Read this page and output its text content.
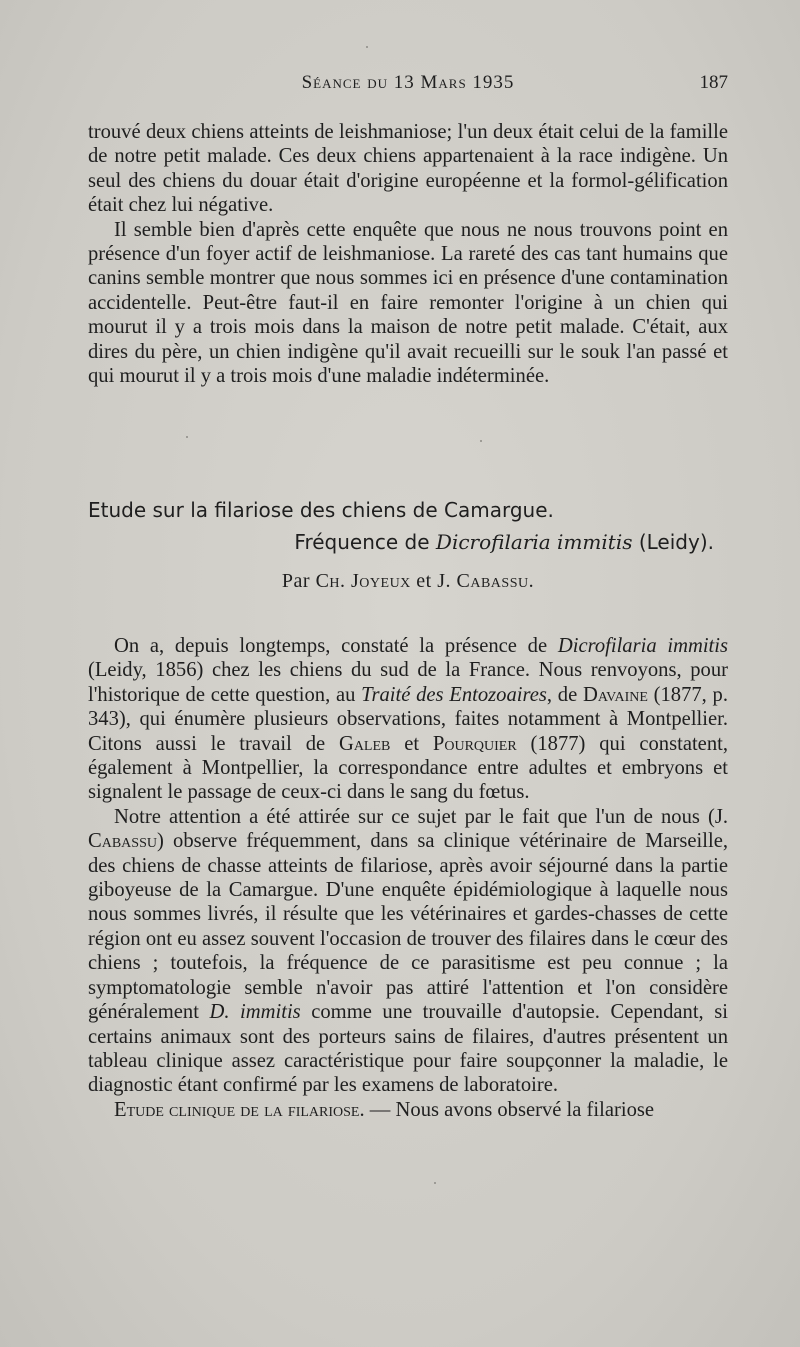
Séance du 13 Mars 1935	187

trouvé deux chiens atteints de leishmaniose; l'un deux était celui de la famille de notre petit malade. Ces deux chiens appartenaient à la race indigène. Un seul des chiens du douar était d'origine européenne et la formol-gélification était chez lui négative.

Il semble bien d'après cette enquête que nous ne nous trouvons point en présence d'un foyer actif de leishmaniose. La rareté des cas tant humains que canins semble montrer que nous sommes ici en présence d'une contamination accidentelle. Peut-être faut-il en faire remonter l'origine à un chien qui mourut il y a trois mois dans la maison de notre petit malade. C'était, aux dires du père, un chien indigène qu'il avait recueilli sur le souk l'an passé et qui mourut il y a trois mois d'une maladie indéterminée.

Etude sur la filariose des chiens de Camargue.
Fréquence de Dicrofilaria immitis (Leidy).
Par Ch. Joyeux et J. Cabassu.

On a, depuis longtemps, constaté la présence de Dicrofilaria immitis (Leidy, 1856) chez les chiens du sud de la France. Nous renvoyons, pour l'historique de cette question, au Traité des Entozoaires, de Davaine (1877, p. 343), qui énumère plusieurs observations, faites notamment à Montpellier. Citons aussi le travail de Galeb et Pourquier (1877) qui constatent, également à Montpellier, la correspondance entre adultes et embryons et signalent le passage de ceux-ci dans le sang du fœtus.

Notre attention a été attirée sur ce sujet par le fait que l'un de nous (J. Cabassu) observe fréquemment, dans sa clinique vétérinaire de Marseille, des chiens de chasse atteints de filariose, après avoir séjourné dans la partie giboyeuse de la Camargue. D'une enquête épidémiologique à laquelle nous nous sommes livrés, il résulte que les vétérinaires et gardes-chasses de cette région ont eu assez souvent l'occasion de trouver des filaires dans le cœur des chiens ; toutefois, la fréquence de ce parasitisme est peu connue ; la symptomatologie semble n'avoir pas attiré l'attention et l'on considère généralement D. immitis comme une trouvaille d'autopsie. Cependant, si certains animaux sont des porteurs sains de filaires, d'autres présentent un tableau clinique assez caractéristique pour faire soupçonner la maladie, le diagnostic étant confirmé par les examens de laboratoire.

Etude clinique de la filariose. — Nous avons observé la filariose
